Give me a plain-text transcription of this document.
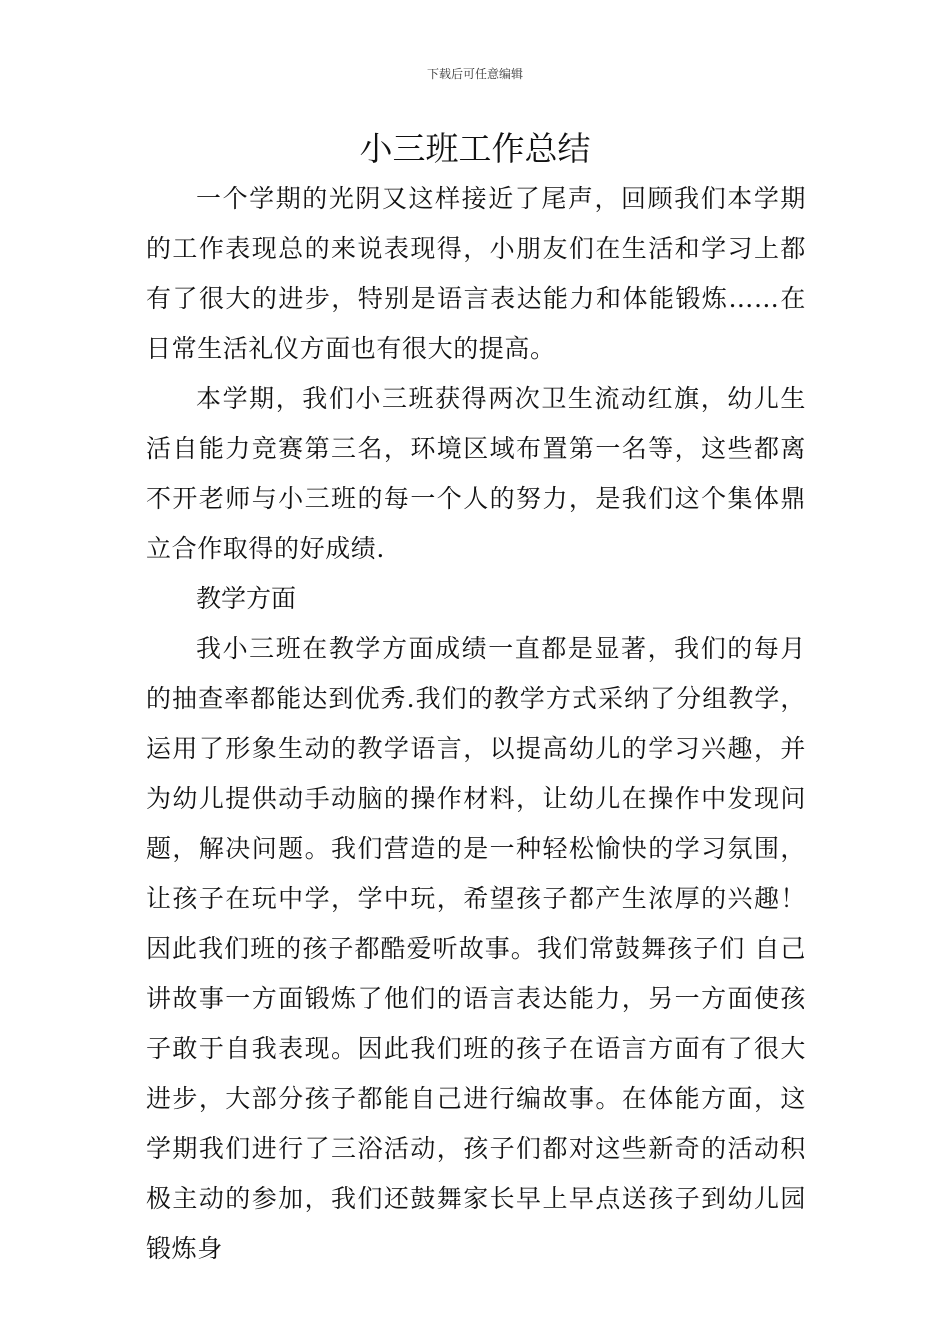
下载后可任意编辑
小三班工作总结

一个学期的光阴又这样接近了尾声，回顾我们本学期的工作表现总的来说表现得，小朋友们在生活和学习上都有了很大的进步，特别是语言表达能力和体能锻炼……在日常生活礼仪方面也有很大的提高。

本学期，我们小三班获得两次卫生流动红旗，幼儿生活自能力竞赛第三名，环境区域布置第一名等，这些都离不开老师与小三班的每一个人的努力，是我们这个集体鼎立合作取得的好成绩.

教学方面

我小三班在教学方面成绩一直都是显著，我们的每月的抽查率都能达到优秀.我们的教学方式采纳了分组教学，运用了形象生动的教学语言，以提高幼儿的学习兴趣，并为幼儿提供动手动脑的操作材料，让幼儿在操作中发现问题，解决问题。我们营造的是一种轻松愉快的学习氛围，让孩子在玩中学，学中玩，希望孩子都产生浓厚的兴趣！因此我们班的孩子都酷爱听故事。我们常鼓舞孩子们 自己讲故事一方面锻炼了他们的语言表达能力，另一方面使孩子敢于自我表现。因此我们班的孩子在语言方面有了很大进步，大部分孩子都能自己进行编故事。在体能方面，这学期我们进行了三浴活动，孩子们都对这些新奇的活动积极主动的参加，我们还鼓舞家长早上早点送孩子到幼儿园锻炼身
